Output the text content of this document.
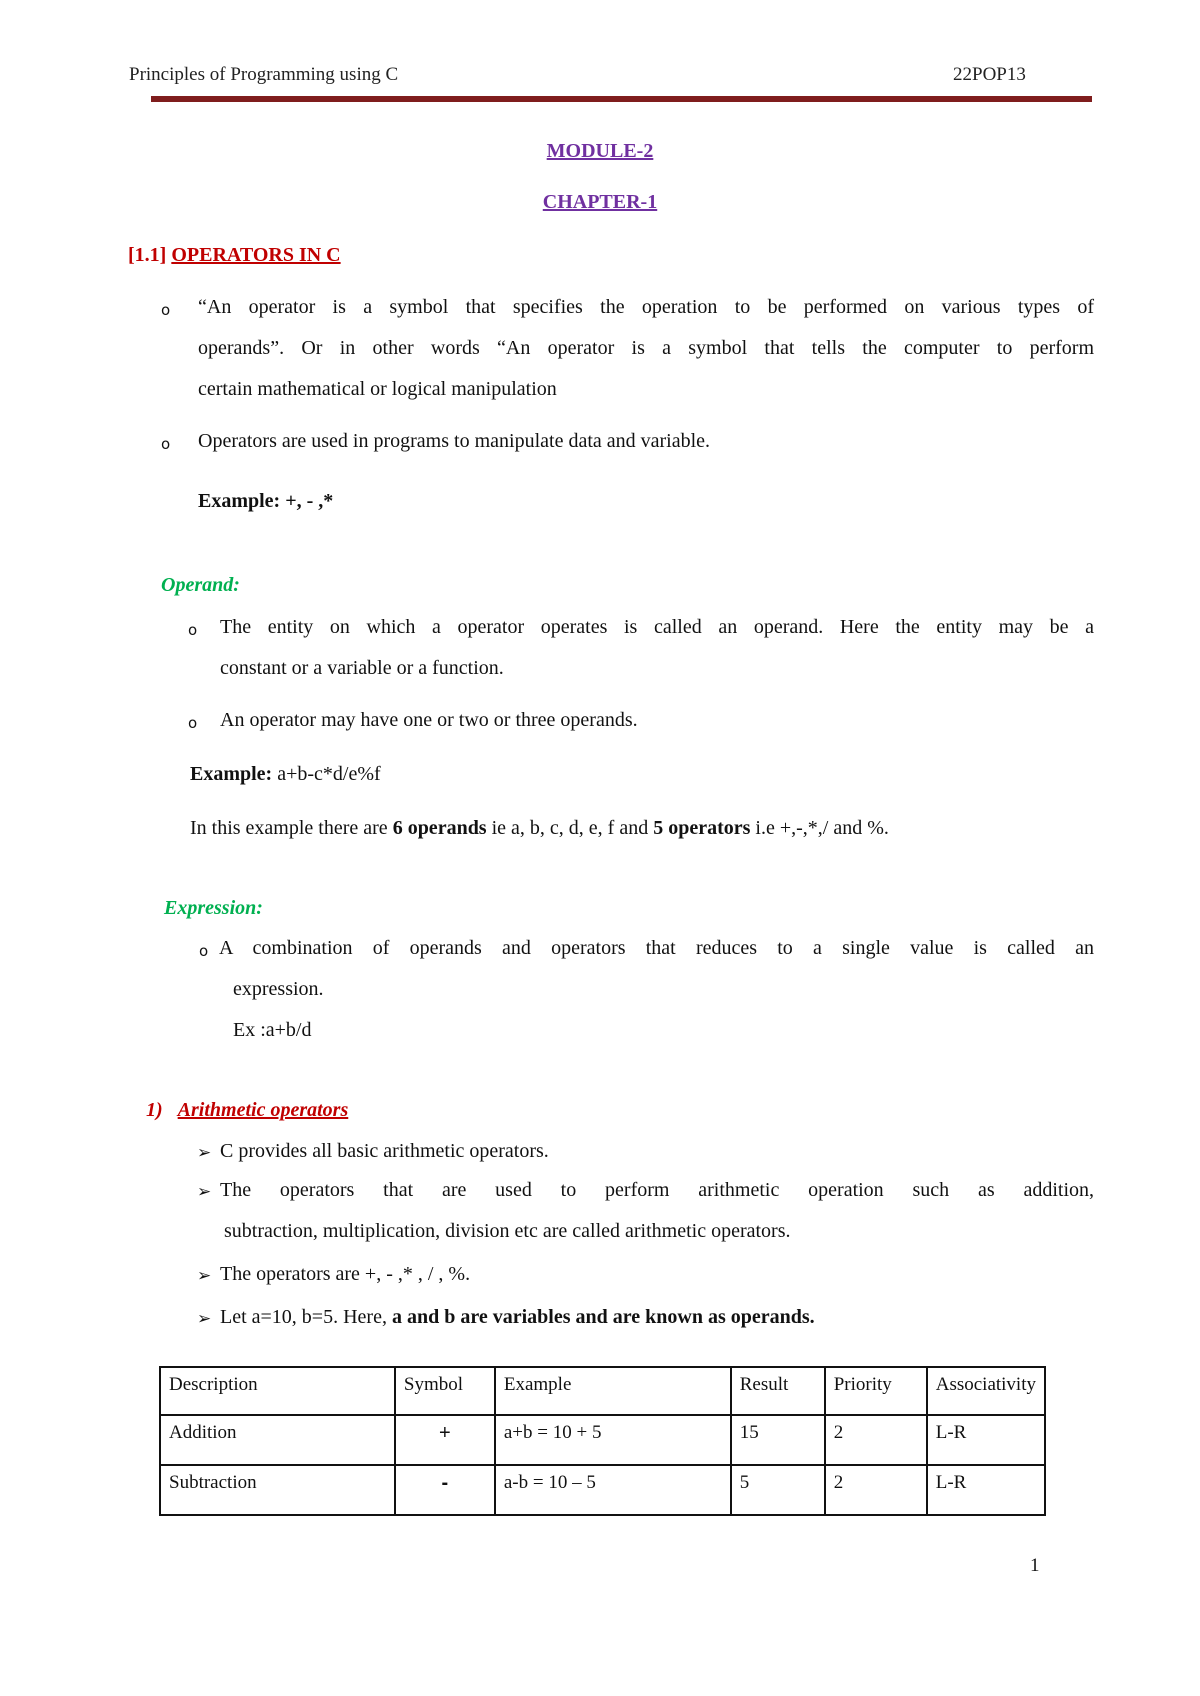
Principles of Programming using C	22POP13
MODULE-2
CHAPTER-1
[1.1] OPERATORS IN C
o “An operator is a symbol that specifies the operation to be performed on various types of
operands”. Or in other words “An operator is a symbol that tells the computer to perform
certain mathematical or logical manipulation
o Operators are used in programs to manipulate data and variable.
Example: +, - ,*
Operand:
o The entity on which a operator operates is called an operand. Here the entity may be a
constant or a variable or a function.
o An operator may have one or two or three operands.
Example: a+b-c*d/e%f
In this example there are 6 operands ie a, b, c, d, e, f and 5 operators i.e +,-,*,/ and %.
Expression:
o A combination of operands and operators that reduces to a single value is called an
expression.
Ex :a+b/d
1) Arithmetic operators
➢ C provides all basic arithmetic operators.
➢ The operators that are used to perform arithmetic operation such as addition,
subtraction, multiplication, division etc are called arithmetic operators.
➢ The operators are +, - ,* , / , %.
➢ Let a=10, b=5. Here, a and b are variables and are known as operands.
Description	Symbol	Example	Result	Priority	Associativity
Addition	+	a+b = 10 + 5	15	2	L-R
Subtraction	-	a-b = 10 – 5	5	2	L-R
1
